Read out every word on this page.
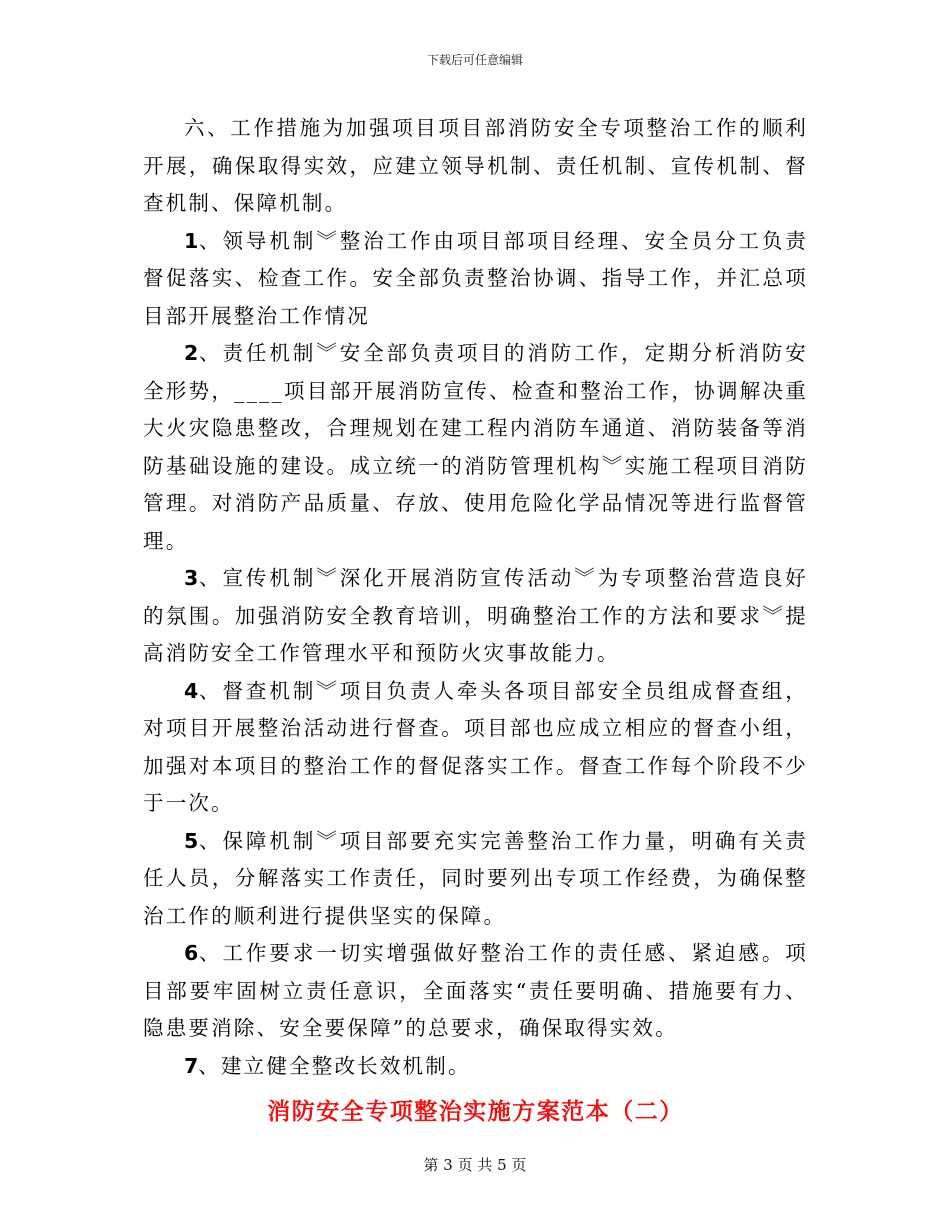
下载后可任意编辑

六、工作措施为加强项目项目部消防安全专项整治工作的顺利开展，确保取得实效，应建立领导机制、责任机制、宣传机制、督查机制、保障机制。

1、领导机制︾整治工作由项目部项目经理、安全员分工负责督促落实、检查工作。安全部负责整治协调、指导工作，并汇总项目部开展整治工作情况

2、责任机制︾安全部负责项目的消防工作，定期分析消防安全形势，____项目部开展消防宣传、检查和整治工作，协调解决重大火灾隐患整改，合理规划在建工程内消防车通道、消防装备等消防基础设施的建设。成立统一的消防管理机构︾实施工程项目消防管理。对消防产品质量、存放、使用危险化学品情况等进行监督管理。

3、宣传机制︾深化开展消防宣传活动︾为专项整治营造良好的氛围。加强消防安全教育培训，明确整治工作的方法和要求︾提高消防安全工作管理水平和预防火灾事故能力。

4、督查机制︾项目负责人牵头各项目部安全员组成督查组，对项目开展整治活动进行督查。项目部也应成立相应的督查小组，加强对本项目的整治工作的督促落实工作。督查工作每个阶段不少于一次。

5、保障机制︾项目部要充实完善整治工作力量，明确有关责任人员，分解落实工作责任，同时要列出专项工作经费，为确保整治工作的顺利进行提供坚实的保障。

6、工作要求一切实增强做好整治工作的责任感、紧迫感。项目部要牢固树立责任意识，全面落实“责任要明确、措施要有力、隐患要消除、安全要保障”的总要求，确保取得实效。

7、建立健全整改长效机制。

消防安全专项整治实施方案范本（二）
第 3 页 共 5 页
